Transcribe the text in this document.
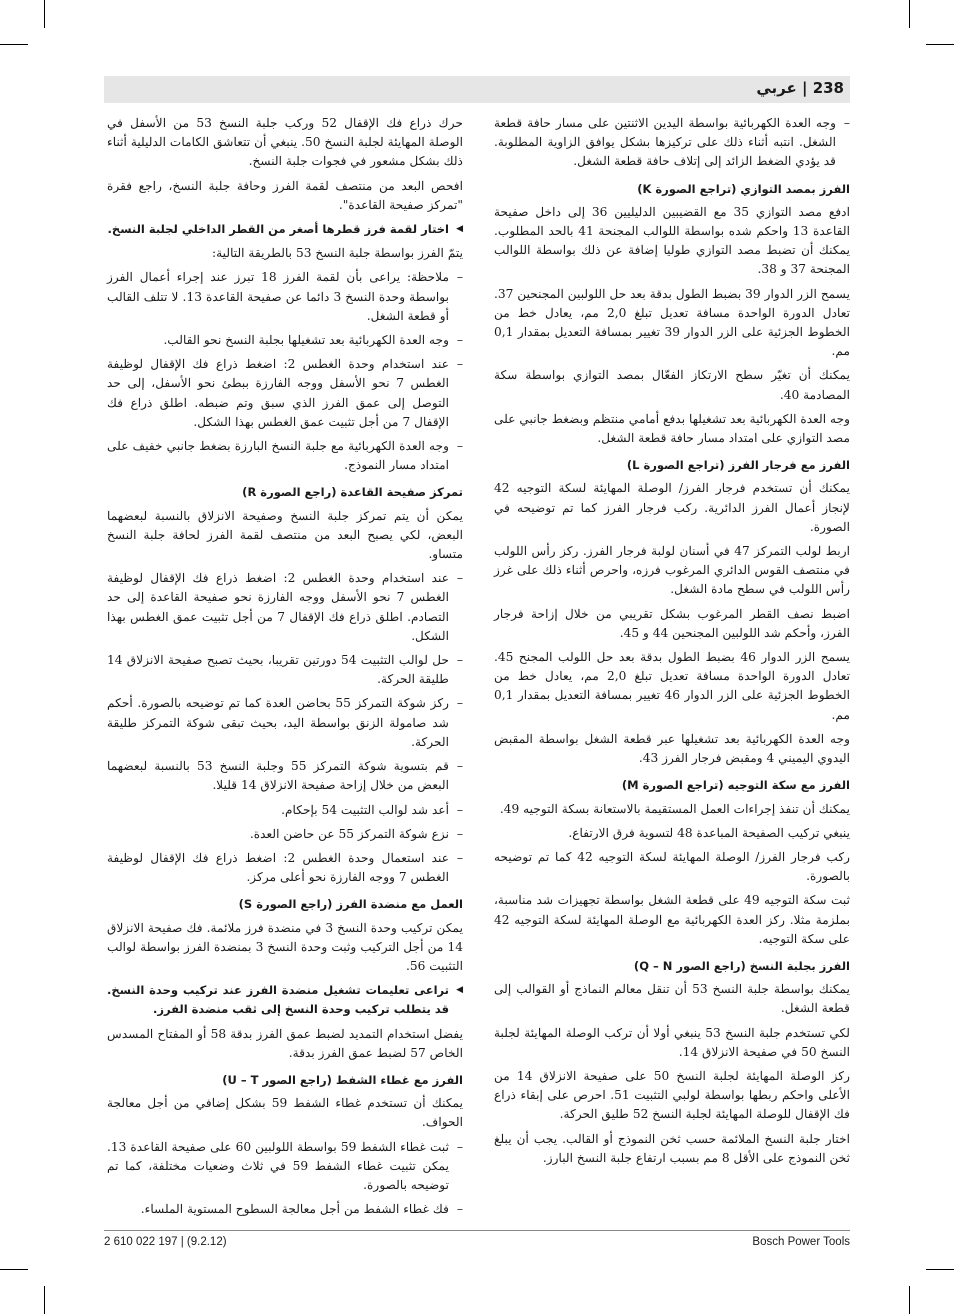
238 | عربي
– وجه العدة الكهربائية بواسطة اليدين الاثنتين على مسار حافة قطعة الشغل. انتبه أثناء ذلك على تركيزها بشكل يوافق الزاوية المطلوبة. قد يؤدي الضغط الزائد إلى إتلاف حافة قطعة الشغل.
الفرز بمصد التوازي (تراجع الصورة K)
ادفع مصد التوازي 35 مع القضيبين الدليليين 36 إلى داخل صفيحة القاعدة 13 واحكم شده بواسطة اللوالب المجنحة 41 بالحد المطلوب. يمكنك أن تضبط مصد التوازي طوليا إضافة عن ذلك بواسطة اللوالب المجنحة 37 و 38.
يسمح الزر الدوار 39 بضبط الطول بدقة بعد حل اللولبين المجنحين 37. تعادل الدورة الواحدة مسافة تعديل تبلغ 2,0 مم، يعادل خط من الخطوط الجزئية على الزر الدوار 39 تغيير بمسافة التعديل بمقدار 0,1 مم.
يمكنك أن تغيّر سطح الارتكاز الفعّال بمصد التوازي بواسطة سكة المصادمة 40.
وجه العدة الكهربائية بعد تشغيلها بدفع أمامي منتظم وبضغط جانبي على مصد التوازي على امتداد مسار حافة قطعة الشغل.
الفرز مع فرجار الفرز (تراجع الصورة L)
يمكنك أن تستخدم فرجار الفرز/ الوصلة المهايئة لسكة التوجيه 42 لإنجاز أعمال الفرز الدائرية. ركب فرجار الفرز كما تم توضيحه في الصورة.
اربط لولب التمركز 47 في أسنان لولبة فرجار الفرز. ركز رأس اللولب في منتصف القوس الدائري المرغوب فرزه، واحرص أثناء ذلك على غرز رأس اللولب في سطح مادة الشغل.
اضبط نصف القطر المرغوب بشكل تقريبي من خلال إزاحة فرجار الفرز، وأحكم شد اللولبين المجنحين 44 و 45.
يسمح الزر الدوار 46 بضبط الطول بدقة بعد حل اللولب المجنح 45. تعادل الدورة الواحدة مسافة تعديل تبلغ 2,0 مم، يعادل خط من الخطوط الجزئية على الزر الدوار 46 تغيير بمسافة التعديل بمقدار 0,1 مم.
وجه العدة الكهربائية بعد تشغيلها عبر قطعة الشغل بواسطة المقبض اليدوي اليميني 4 ومقبض فرجار الفرز 43.
الفرز مع سكة التوجيه (تراجع الصورة M)
يمكنك أن تنفذ إجراءات العمل المستقيمة بالاستعانة بسكة التوجيه 49.
ينبغي تركيب الصفيحة المباعدة 48 لتسوية فرق الارتفاع.
ركب فرجار الفرز/ الوصلة المهايئة لسكة التوجيه 42 كما تم توضيحه بالصورة.
ثبت سكة التوجيه 49 على قطعة الشغل بواسطة تجهيزات شد مناسبة، بملزمة مثلا. ركز العدة الكهربائية مع الوصلة المهايئة لسكة التوجيه 42 على سكة التوجيه.
الفرز بجلبة النسخ (راجع الصور Q – N)
يمكنك بواسطة جلبة النسخ 53 أن تنقل معالم النماذج أو القوالب إلى قطعة الشغل.
لكي تستخدم جلبة النسخ 53 ينبغي أولا أن تركب الوصلة المهايئة لجلبة النسخ 50 في صفيحة الانزلاق 14.
ركز الوصلة المهايئة لجلبة النسخ 50 على صفيحة الانزلاق 14 من الأعلى واحكم ربطها بواسطة لولبي التثبيت 51. احرص على إبقاء ذراع فك الإقفال للوصلة المهايئة لجلبة النسخ 52 طليق الحركة.
اختار جلبة النسخ الملائمة حسب ثخن النموذج أو القالب. يجب أن يبلغ ثخن النموذج على الأقل 8 مم بسبب ارتفاع جلبة النسخ البارز.
حرك ذراع فك الإقفال 52 وركب جلبة النسخ 53 من الأسفل في الوصلة المهايئة لجلبة النسخ 50. ينبغي أن تتعاشق الكامات الدليلية أثناء ذلك بشكل مشعور في فجوات جلبة النسخ.
افحص البعد من منتصف لقمة الفرز وحافة جلبة النسخ، راجع فقرة "تمركز صفيحة القاعدة".
◀ اختار لقمة فرز قطرها أصغر من القطر الداخلي لجلبة النسخ.
يتمّ الفرز بواسطة جلبة النسخ 53 بالطريقة التالية:
– ملاحظة: يراعى بأن لقمة الفرز 18 تبرز عند إجراء أعمال الفرز بواسطة وحدة النسخ 3 دائما عن صفيحة القاعدة 13. لا تتلف القالب أو قطعة الشغل.
– وجه العدة الكهربائية بعد تشغيلها بجلبة النسخ نحو القالب.
– عند استخدام وحدة الغطس 2: اضغط ذراع فك الإقفال لوظيفة الغطس 7 نحو الأسفل ووجه الفارزة ببطئ نحو الأسفل، إلى حد التوصل إلى عمق الفرز الذي سبق وتم ضبطه. اطلق ذراع فك الإقفال 7 من أجل تثبيت عمق الغطس بهذا الشكل.
– وجه العدة الكهربائية مع جلبة النسخ البارزة بضغط جانبي خفيف على امتداد مسار النموذج.
تمركز صفيحة القاعدة (راجع الصورة R)
يمكن أن يتم تمركز جلبة النسخ وصفيحة الانزلاق بالنسبة لبعضهما البعض، لكي يصبح البعد من منتصف لقمة الفرز لحافة جلبة النسخ متساو.
– عند استخدام وحدة الغطس 2: اضغط ذراع فك الإقفال لوظيفة الغطس 7 نحو الأسفل ووجه الفارزة نحو صفيحة القاعدة إلى حد التصادم. اطلق ذراع فك الإقفال 7 من أجل تثبيت عمق الغطس بهذا الشكل.
– حل لوالب التثبيت 54 دورتين تقريبا، بحيث تصبح صفيحة الانزلاق 14 طليقة الحركة.
– ركز شوكة التمركز 55 بحاضن العدة كما تم توضيحه بالصورة. أحكم شد صامولة الزنق بواسطة اليد، بحيث تبقى شوكة التمركز طليقة الحركة.
– قم بتسوية شوكة التمركز 55 وجلبة النسخ 53 بالنسبة لبعضهما البعض من خلال إزاحة صفيحة الانزلاق 14 قليلا.
– أعد شد لوالب التثبيت 54 بإحكام.
– نزع شوكة التمركز 55 عن حاضن العدة.
– عند استعمال وحدة الغطس 2: اضغط ذراع فك الإقفال لوظيفة الغطس 7 ووجه الفارزة نحو أعلى مركز.
العمل مع منضدة الفرز (راجع الصورة S)
يمكن تركيب وحدة النسخ 3 في منضدة فرز ملائمة. فك صفيحة الانزلاق 14 من أجل التركيب وثبت وحدة النسخ 3 بمنضدة الفرز بواسطة لوالب التثبيت 56.
◀ تراعى تعليمات تشغيل منضدة الفرز عند تركيب وحدة النسخ. قد يتطلب تركيب وحدة النسخ إلى ثقب منضدة الفرز.
يفضل استخدام التمديد لضبط عمق الفرز بدقة 58 أو المفتاح المسدس الخاص 57 لضبط عمق الفرز بدقة.
الفرز مع غطاء الشفط (راجع الصور U – T)
يمكنك أن تستخدم غطاء الشفط 59 بشكل إضافي من أجل معالجة الحواف.
– ثبت غطاء الشفط 59 بواسطة اللولبين 60 على صفيحة القاعدة 13. يمكن تثبيت غطاء الشفط 59 في ثلاث وضعيات مختلفة، كما تم توضيحه بالصورة.
– فك غطاء الشفط من أجل معالجة السطوح المستوية الملساء.
2 610 022 197 | (9.2.12)	Bosch Power Tools
